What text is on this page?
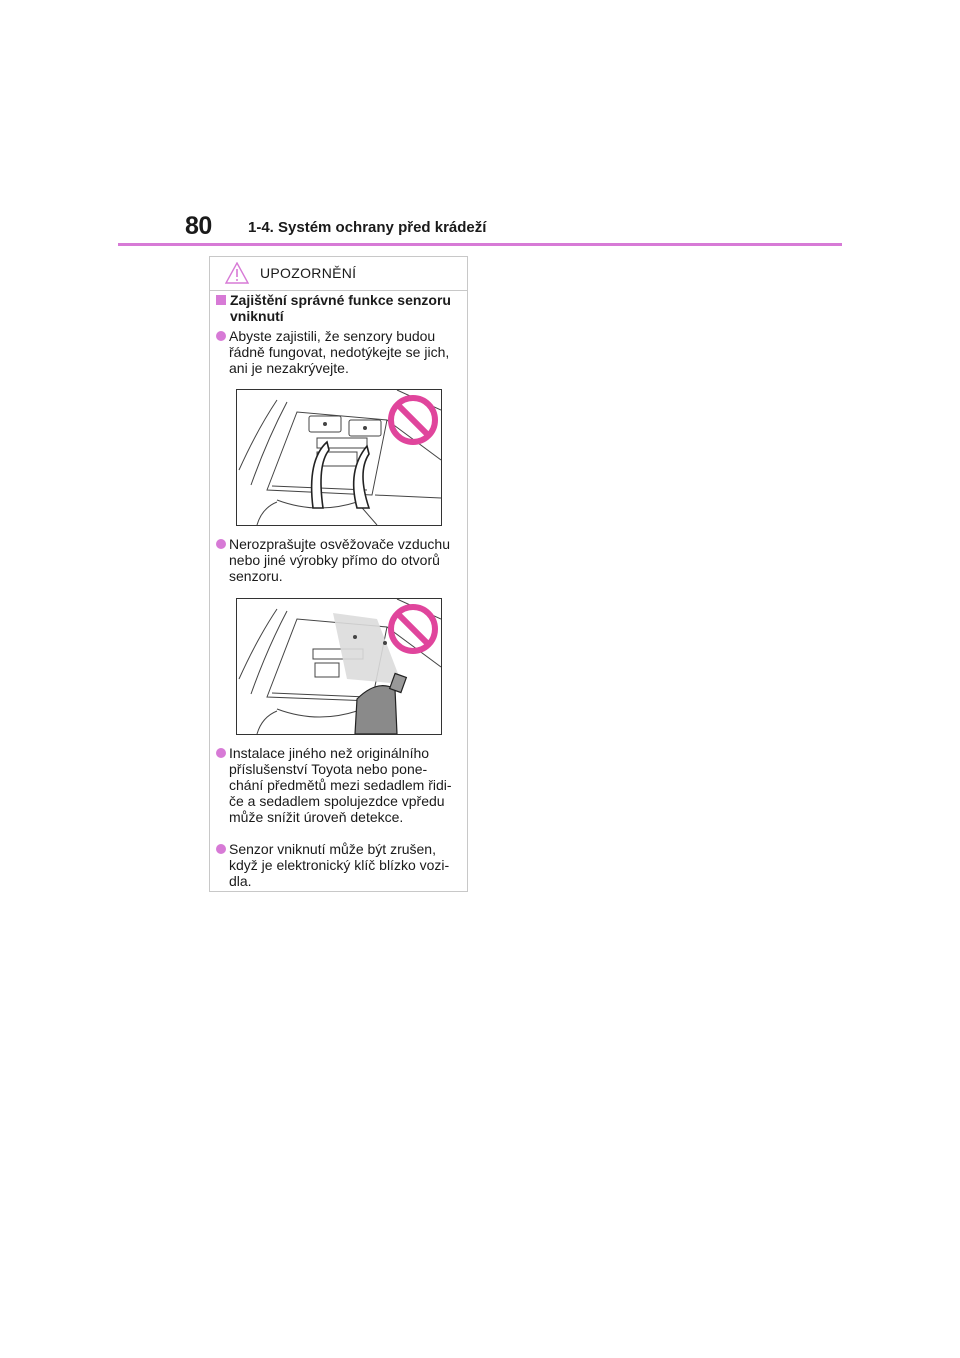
80 1-4. Systém ochrany před krádeží
UPOZORNĚNÍ
Zajištění správné funkce senzoru vniknutí
Abyste zajistili, že senzory budou
řádně fungovat, nedotýkejte se jich,
ani je nezakrývejte.
Nerozprašujte osvěžovače vzduchu
nebo jiné výrobky přímo do otvorů
senzoru.
Instalace jiného než originálního
příslušenství Toyota nebo pone-
chání předmětů mezi sedadlem řidi-
če a sedadlem spolujezdce vpředu
může snížit úroveň detekce.
Senzor vniknutí může být zrušen,
když je elektronický klíč blízko vozi-
dla.
